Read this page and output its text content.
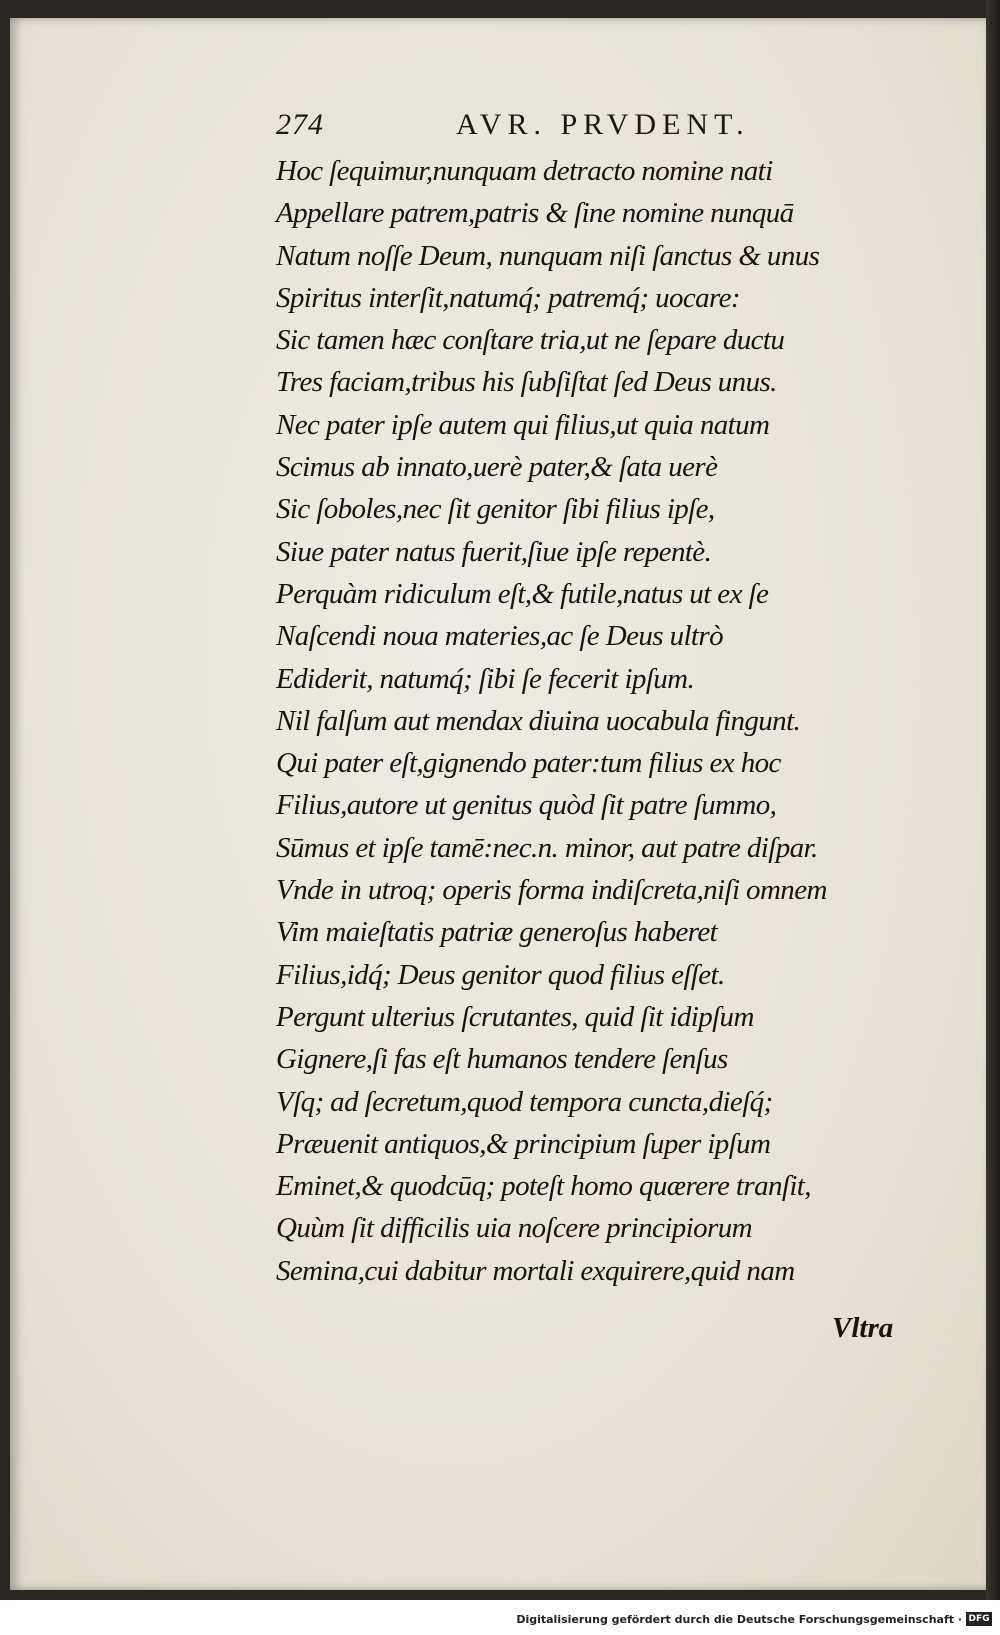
274	AVR. PRVDENT.
Hoc ſequimur,nunquam detracto nomine nati
Appellare patrem,patris & ſine nomine nunquā
Natum noſſe Deum, nunquam niſi ſanctus & unus
Spiritus interſit,natumq́; patremq́; uocare:
Sic tamen hæc conſtare tria,ut ne ſepare ductu
Tres faciam,tribus his ſubſiſtat ſed Deus unus.
Nec pater ipſe autem qui filius,ut quia natum
Scimus ab innato,uerè pater,& ſata uerè
Sic ſoboles,nec ſit genitor ſibi filius ipſe,
Siue pater natus fuerit,ſiue ipſe repentè.
Perquàm ridiculum eſt,& futile,natus ut ex ſe
Naſcendi noua materies,ac ſe Deus ultrò
Ediderit, natumq́; ſibi ſe fecerit ipſum.
Nil falſum aut mendax diuina uocabula fingunt.
Qui pater eſt,gignendo pater:tum filius ex hoc
Filius,autore ut genitus quòd ſit patre ſummo,
Sūmus et ipſe tamē:nec.n. minor, aut patre diſpar.
Vnde in utroq; operis forma indiſcreta,niſi omnem
Vim maieſtatis patriæ generoſus haberet
Filius,idq́; Deus genitor quod filius eſſet.
Pergunt ulterius ſcrutantes, quid ſit idipſum
Gignere,ſi fas eſt humanos tendere ſenſus
Vſq; ad ſecretum,quod tempora cuncta,dieſq́;
Præuenit antiquos,& principium ſuper ipſum
Eminet,& quodcūq; poteſt homo quærere tranſit,
Quùm ſit difficilis uia noſcere principiorum
Semina,cui dabitur mortali exquirere,quid nam
Vltra
Digitalisierung gefördert durch die Deutsche Forschungsgemeinschaft · DFG
